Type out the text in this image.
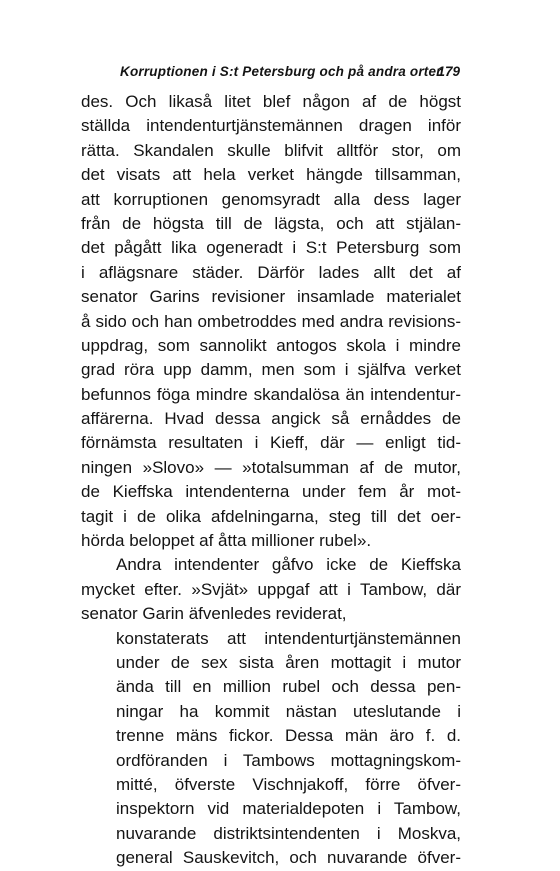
Korruptionen i S:t Petersburg och på andra orter
179
des. Och likaså litet blef någon af de högst
ställda intendenturtjänstemännen dragen inför
rätta. Skandalen skulle blifvit alltför stor, om
det visats att hela verket hängde tillsamman,
att korruptionen genomsyradt alla dess lager
från de högsta till de lägsta, och att stjälan-
det pågått lika ogeneradt i S:t Petersburg som
i aflägsnare städer. Därför lades allt det af
senator Garins revisioner insamlade materialet
å sido och han ombetroddes med andra revisions-
uppdrag, som sannolikt antogos skola i mindre
grad röra upp damm, men som i själfva verket
befunnos föga mindre skandalösa än intendentur-
affärerna. Hvad dessa angick så ernåddes de
förnämsta resultaten i Kieff, där — enligt tid-
ningen »Slovo» — »totalsumman af de mutor,
de Kieffska intendenterna under fem år mot-
tagit i de olika afdelningarna, steg till det oer-
hörda beloppet af åtta millioner rubel».
Andra intendenter gåfvo icke de Kieffska
mycket efter. »Svjät» uppgaf att i Tambow, där
senator Garin äfvenledes reviderat,
konstaterats att intendenturtjänstemännen
under de sex sista åren mottagit i mutor
ända till en million rubel och dessa pen-
ningar ha kommit nästan uteslutande i
trenne mäns fickor. Dessa män äro f. d.
ordföranden i Tambows mottagningskom-
mitté, öfverste Vischnjakoff, förre öfver-
inspektorn vid materialdepoten i Tambow,
nuvarande distriktsintendenten i Moskva,
general Sauskevitch, och nuvarande öfver-
